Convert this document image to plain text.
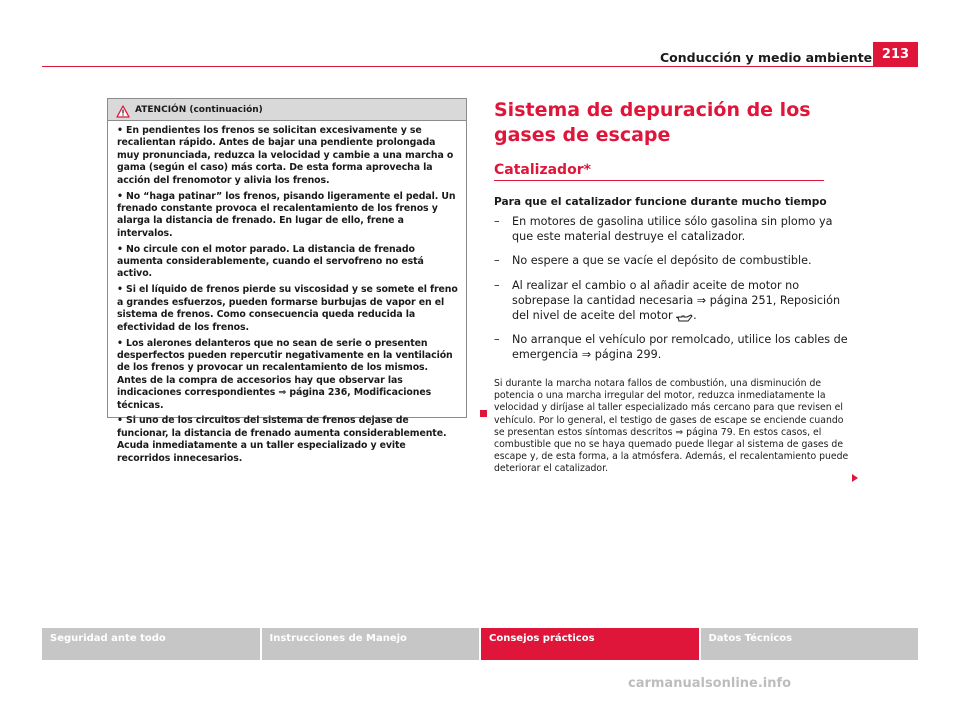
Conducción y medio ambiente 213
ATENCIÓN (continuación)

• En pendientes los frenos se solicitan excesivamente y se recalientan rápido. Antes de bajar una pendiente prolongada muy pronunciada, reduzca la velocidad y cambie a una marcha o gama (según el caso) más corta. De esta forma aprovecha la acción del frenomotor y alivia los frenos.

• No “haga patinar” los frenos, pisando ligeramente el pedal. Un frenado constante provoca el recalentamiento de los frenos y alarga la distancia de frenado. En lugar de ello, frene a intervalos.

• No circule con el motor parado. La distancia de frenado aumenta considerablemente, cuando el servofreno no está activo.

• Si el líquido de frenos pierde su viscosidad y se somete el freno a grandes esfuerzos, pueden formarse burbujas de vapor en el sistema de frenos. Como consecuencia queda reducida la efectividad de los frenos.

• Los alerones delanteros que no sean de serie o presenten desperfectos pueden repercutir negativamente en la ventilación de los frenos y provocar un recalentamiento de los mismos. Antes de la compra de accesorios hay que observar las indicaciones correspondientes ⇒ página 236, Modificaciones técnicas.

• Si uno de los circuitos del sistema de frenos dejase de funcionar, la distancia de frenado aumenta considerablemente. Acuda inmediatamente a un taller especializado y evite recorridos innecesarios.

Sistema de depuración de los gases de escape
Catalizador*

Para que el catalizador funcione durante mucho tiempo

– En motores de gasolina utilice sólo gasolina sin plomo ya que este material destruye el catalizador.
– No espere a que se vacíe el depósito de combustible.
– Al realizar el cambio o al añadir aceite de motor no sobrepase la cantidad necesaria ⇒ página 251, Reposición del nivel de aceite del motor .
– No arranque el vehículo por remolcado, utilice los cables de emergencia ⇒ página 299.

Si durante la marcha notara fallos de combustión, una disminución de potencia o una marcha irregular del motor, reduzca inmediatamente la velocidad y diríjase al taller especializado más cercano para que revisen el vehículo. Por lo general, el testigo de gases de escape se enciende cuando se presentan estos síntomas descritos ⇒ página 79. En estos casos, el combustible que no se haya quemado puede llegar al sistema de gases de escape y, de esta forma, a la atmósfera. Además, el recalentamiento puede deteriorar el catalizador.

Seguridad ante todo	Instrucciones de Manejo	Consejos prácticos	Datos Técnicos
carmanualsonline.info
